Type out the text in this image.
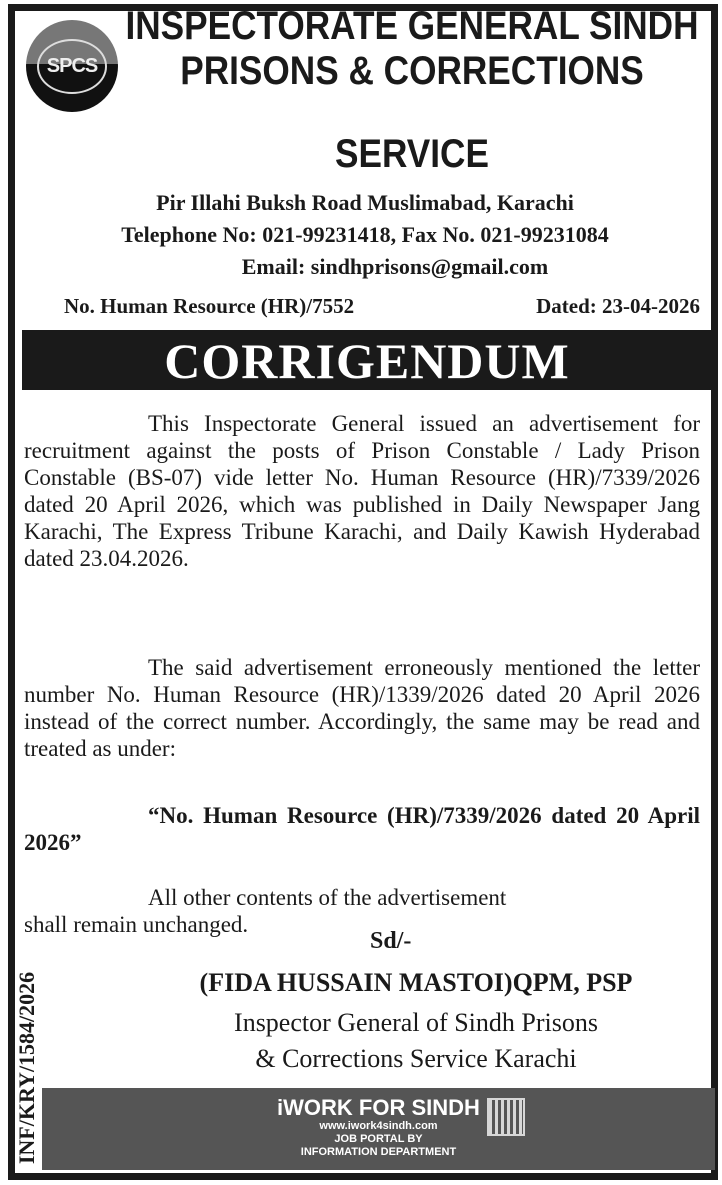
SPCS
INSPECTORATE GENERAL SINDH
PRISONS & CORRECTIONS
SERVICE
Pir Illahi Buksh Road Muslimabad, Karachi
Telephone No: 021-99231418, Fax No. 021-99231084
Email: sindhprisons@gmail.com
No. Human Resource (HR)/7552	Dated: 23-04-2026
CORRIGENDUM
This Inspectorate General issued an advertisement for recruitment against the posts of Prison Constable / Lady Prison Constable (BS-07) vide letter No. Human Resource (HR)/7339/2026 dated 20 April 2026, which was published in Daily Newspaper Jang Karachi, The Express Tribune Karachi, and Daily Kawish Hyderabad dated 23.04.2026.
The said advertisement erroneously mentioned the letter number No. Human Resource (HR)/1339/2026 dated 20 April 2026 instead of the correct number. Accordingly, the same may be read and treated as under:
“No. Human Resource (HR)/7339/2026 dated 20 April 2026”
All other contents of the advertisement shall remain unchanged.
Sd/-
(FIDA HUSSAIN MASTOI)QPM, PSP
Inspector General of Sindh Prisons
& Corrections Service Karachi
INF/KRY/1584/2026	iWORK FOR SINDH
www.iwork4sindh.com
JOB PORTAL BY
INFORMATION DEPARTMENT
